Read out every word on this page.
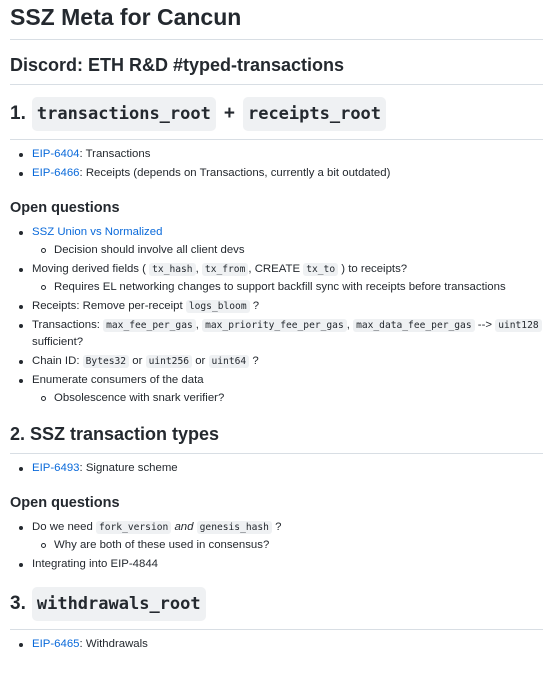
SSZ Meta for Cancun
Discord: ETH R&D #typed-transactions
1. transactions_root + receipts_root
EIP-6404: Transactions
EIP-6466: Receipts (depends on Transactions, currently a bit outdated)
Open questions
SSZ Union vs Normalized
Decision should involve all client devs
Moving derived fields ( tx_hash , tx_from , CREATE tx_to ) to receipts?
Requires EL networking changes to support backfill sync with receipts before transactions
Receipts: Remove per-receipt logs_bloom ?
Transactions: max_fee_per_gas , max_priority_fee_per_gas , max_data_fee_per_gas --> uint128 sufficient?
Chain ID: Bytes32 or uint256 or uint64 ?
Enumerate consumers of the data
Obsolescence with snark verifier?
2. SSZ transaction types
EIP-6493: Signature scheme
Open questions
Do we need fork_version and genesis_hash ?
Why are both of these used in consensus?
Integrating into EIP-4844
3. withdrawals_root
EIP-6465: Withdrawals
